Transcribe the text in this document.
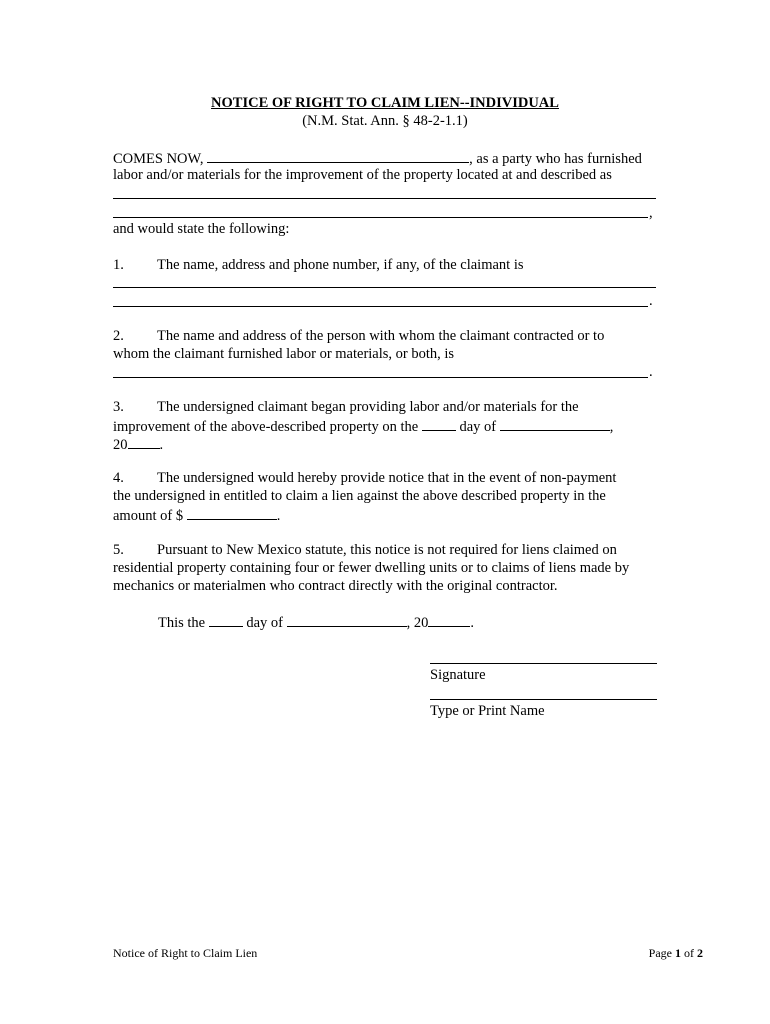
NOTICE OF RIGHT TO CLAIM LIEN--INDIVIDUAL
(N.M. Stat. Ann. § 48-2-1.1)
COMES NOW,	, as a party who has furnished
labor and/or materials for the improvement of the property located at and described as
,
and would state the following:
1. The name, address and phone number, if any, of the claimant is
.
2. The name and address of the person with whom the claimant contracted or to
whom the claimant furnished labor or materials, or both, is
.
3. The undersigned claimant began providing labor and/or materials for the
improvement of the above-described property on the	day of	,
20 .
4. The undersigned would hereby provide notice that in the event of non-payment
the undersigned in entitled to claim a lien against the above described property in the
amount of $	.
5. Pursuant to New Mexico statute, this notice is not required for liens claimed on
residential property containing four or fewer dwelling units or to claims of liens made by
mechanics or materialmen who contract directly with the original contractor.
This the	day of	, 20	.
Signature
Type or Print Name
Notice of Right to Claim Lien	Page 1 of 2
